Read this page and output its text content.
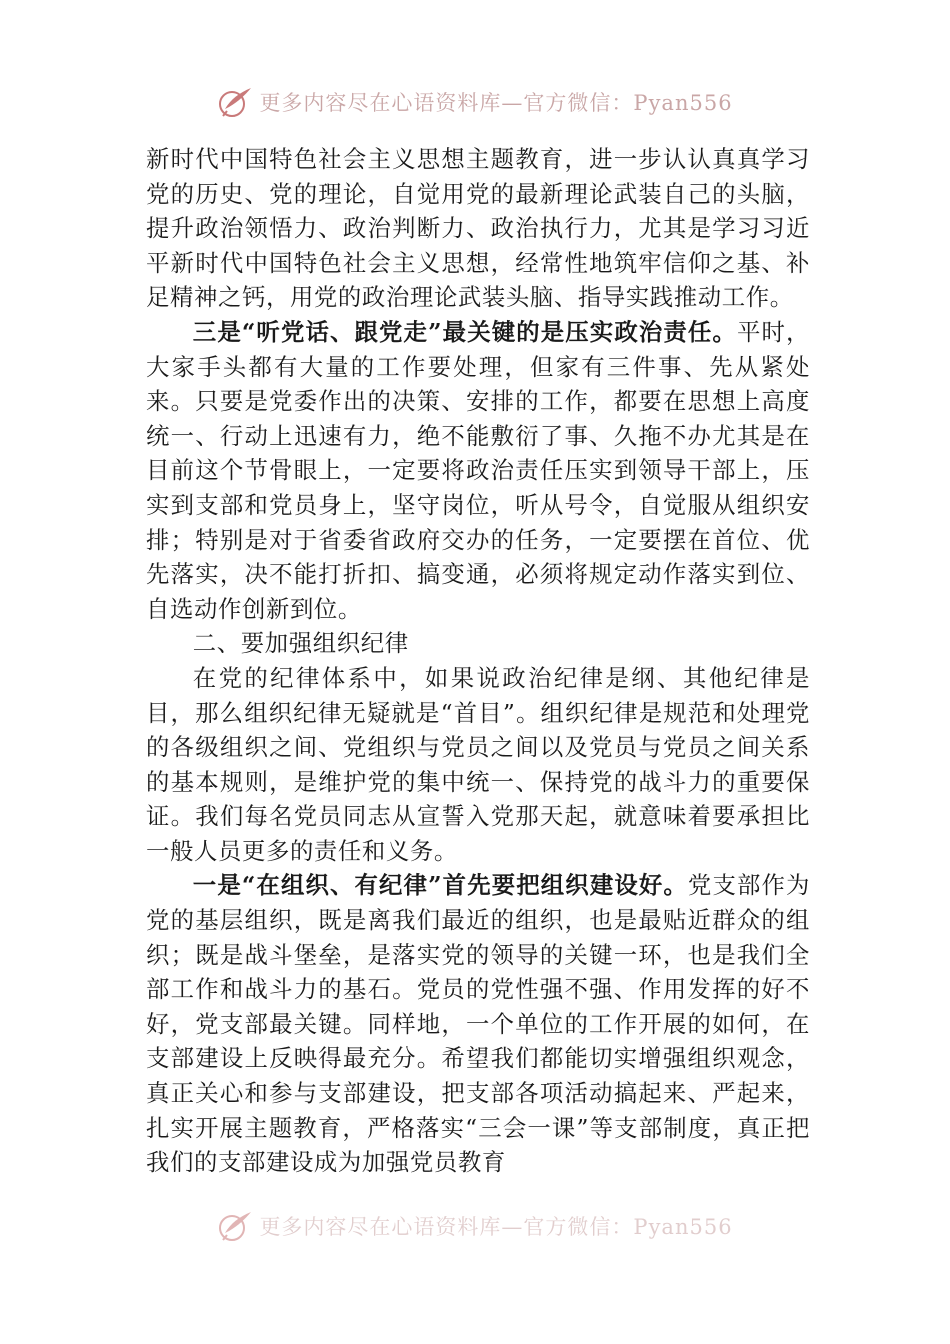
更多内容尽在心语资料库—官方微信：Pyan556

新时代中国特色社会主义思想主题教育，进一步认认真真学习党的历史、党的理论，自觉用党的最新理论武装自己的头脑，提升政治领悟力、政治判断力、政治执行力，尤其是学习习近平新时代中国特色社会主义思想，经常性地筑牢信仰之基、补足精神之钙，用党的政治理论武装头脑、指导实践推动工作。

三是“听党话、跟党走”最关键的是压实政治责任。平时，大家手头都有大量的工作要处理，但家有三件事、先从紧处来。只要是党委作出的决策、安排的工作，都要在思想上高度统一、行动上迅速有力，绝不能敷衍了事、久拖不办尤其是在目前这个节骨眼上，一定要将政治责任压实到领导干部上，压实到支部和党员身上，坚守岗位，听从号令，自觉服从组织安排；特别是对于省委省政府交办的任务，一定要摆在首位、优先落实，决不能打折扣、搞变通，必须将规定动作落实到位、自选动作创新到位。

二、要加强组织纪律

在党的纪律体系中，如果说政治纪律是纲、其他纪律是目，那么组织纪律无疑就是“首目”。组织纪律是规范和处理党的各级组织之间、党组织与党员之间以及党员与党员之间关系的基本规则，是维护党的集中统一、保持党的战斗力的重要保证。我们每名党员同志从宣誓入党那天起，就意味着要承担比一般人员更多的责任和义务。

一是“在组织、有纪律”首先要把组织建设好。党支部作为党的基层组织，既是离我们最近的组织，也是最贴近群众的组织；既是战斗堡垒，是落实党的领导的关键一环，也是我们全部工作和战斗力的基石。党员的党性强不强、作用发挥的好不好，党支部最关键。同样地，一个单位的工作开展的如何，在支部建设上反映得最充分。希望我们都能切实增强组织观念，真正关心和参与支部建设，把支部各项活动搞起来、严起来，扎实开展主题教育，严格落实“三会一课”等支部制度，真正把我们的支部建设成为加强党员教育

更多内容尽在心语资料库—官方微信：Pyan556
